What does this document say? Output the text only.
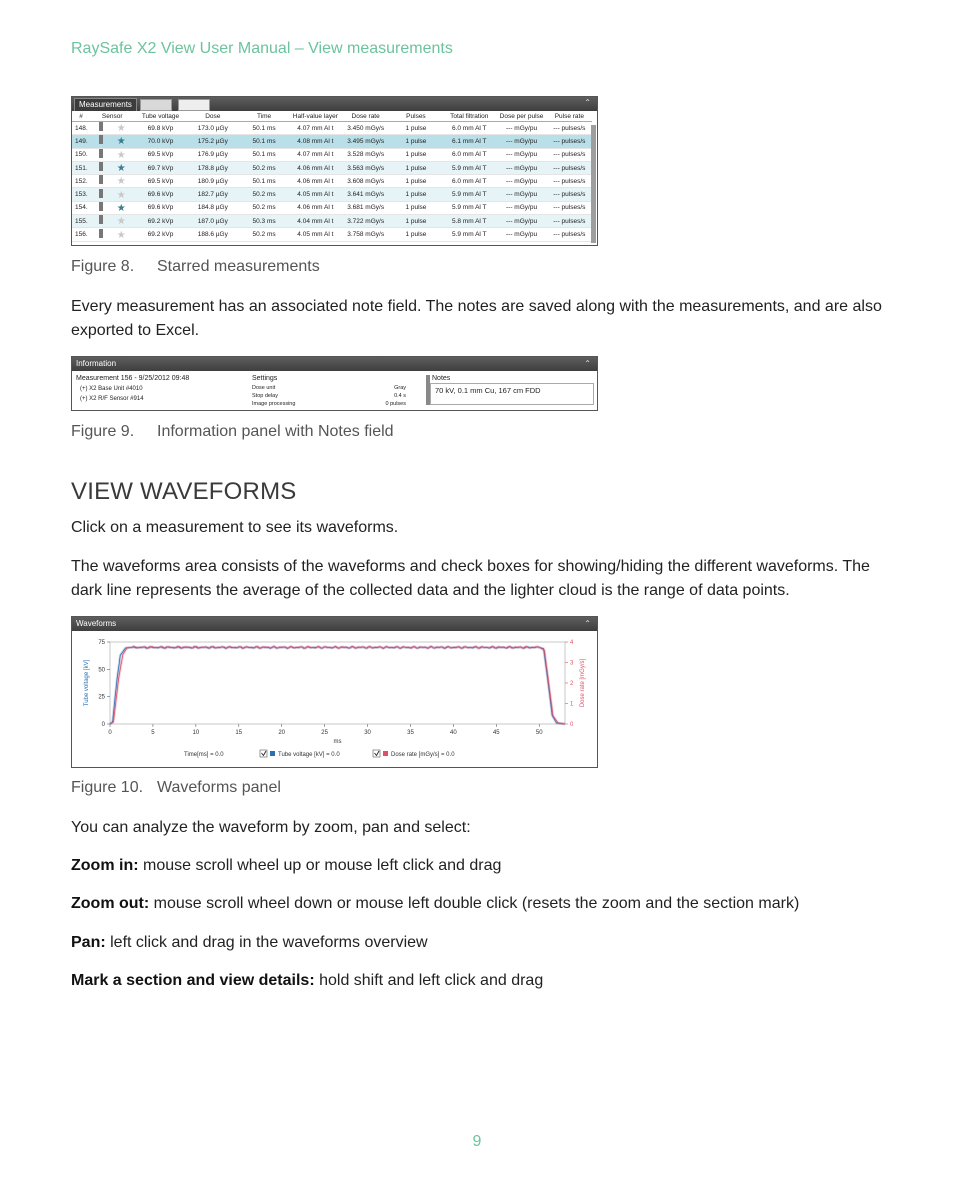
RaySafe X2 View User Manual – View measurements
Measurements	⌃
#	Sensor	Tube voltage	Dose	Time	Half-value layer	Dose rate	Pulses	Total filtration	Dose per pulse	Pulse rate
148.	★	69.8 kVp	173.0 µGy	50.1 ms	4.07 mm Al t	3.450 mGy/s	1 pulse	6.0 mm Al T	--- mGy/pu	--- pulses/s
149.	★	70.0 kVp	175.2 µGy	50.1 ms	4.08 mm Al t	3.495 mGy/s	1 pulse	6.1 mm Al T	--- mGy/pu	--- pulses/s
150.	★	69.5 kVp	176.9 µGy	50.1 ms	4.07 mm Al t	3.528 mGy/s	1 pulse	6.0 mm Al T	--- mGy/pu	--- pulses/s
151.	★	69.7 kVp	178.8 µGy	50.2 ms	4.06 mm Al t	3.563 mGy/s	1 pulse	5.9 mm Al T	--- mGy/pu	--- pulses/s
152.	★	69.5 kVp	180.9 µGy	50.1 ms	4.06 mm Al t	3.608 mGy/s	1 pulse	6.0 mm Al T	--- mGy/pu	--- pulses/s
153.	★	69.6 kVp	182.7 µGy	50.2 ms	4.05 mm Al t	3.641 mGy/s	1 pulse	5.9 mm Al T	--- mGy/pu	--- pulses/s
154.	★	69.6 kVp	184.8 µGy	50.2 ms	4.06 mm Al t	3.681 mGy/s	1 pulse	5.9 mm Al T	--- mGy/pu	--- pulses/s
155.	★	69.2 kVp	187.0 µGy	50.3 ms	4.04 mm Al t	3.722 mGy/s	1 pulse	5.8 mm Al T	--- mGy/pu	--- pulses/s
156.	★	69.2 kVp	188.6 µGy	50.2 ms	4.05 mm Al t	3.758 mGy/s	1 pulse	5.9 mm Al T	--- mGy/pu	--- pulses/s
Figure 8. Starred measurements
Every measurement has an associated note field. The notes are saved along with the measurements, and are also exported to Excel.
Information	⌃
Measurement 156 - 9/25/2012 09:48
(+) X2 Base Unit #4010
(+) X2 R/F Sensor #914
Settings
Dose unit	Gray
Stop delay	0.4 s
Image processing	0 pulses
Notes
70 kV, 0.1 mm Cu, 167 cm FDD
Figure 9. Information panel with Notes field
VIEW WAVEFORMS
Click on a measurement to see its waveforms.
The waveforms area consists of the waveforms and check boxes for showing/hiding the different waveforms. The dark line represents the average of the collected data and the lighter cloud is the range of data points.
Waveforms	⌃
0	5	10	15	20	25	30	35	40	45	50
0
25
50
75
0
1
2
3
4
ms
Tube voltage [kV]	Dose rate [mGy/s]
Time[ms] = 0.0	Tube voltage [kV] = 0.0	Dose rate [mGy/s] = 0.0
Figure 10. Waveforms panel
You can analyze the waveform by zoom, pan and select:
Zoom in: mouse scroll wheel up or mouse left click and drag
Zoom out: mouse scroll wheel down or mouse left double click (resets the zoom and the section mark)
Pan: left click and drag in the waveforms overview
Mark a section and view details: hold shift and left click and drag
9
